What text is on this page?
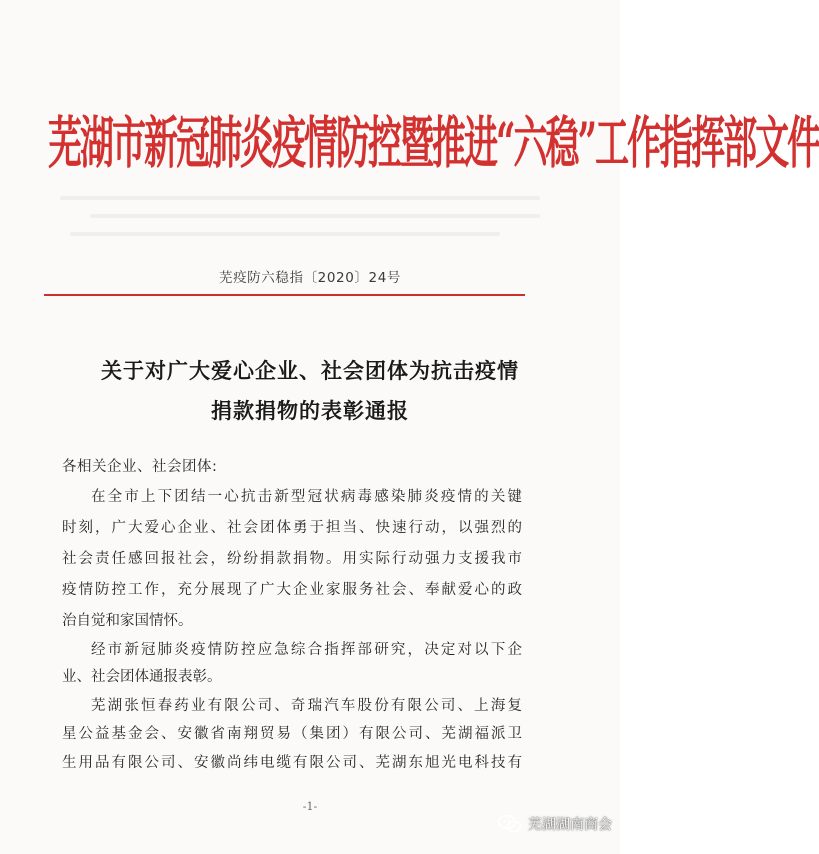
芜湖市新冠肺炎疫情防控暨推进“六稳”工作指挥部文件
芜疫防六稳指〔2020〕24号
关于对广大爱心企业、社会团体为抗击疫情
捐款捐物的表彰通报
各相关企业、社会团体:
在全市上下团结一心抗击新型冠状病毒感染肺炎疫情的关键
时刻，广大爱心企业、社会团体勇于担当、快速行动，以强烈的
社会责任感回报社会，纷纷捐款捐物。用实际行动强力支援我市
疫情防控工作，充分展现了广大企业家服务社会、奉献爱心的政
治自觉和家国情怀。
经市新冠肺炎疫情防控应急综合指挥部研究，决定对以下企
业、社会团体通报表彰。
芜湖张恒春药业有限公司、奇瑞汽车股份有限公司、上海复
星公益基金会、安徽省南翔贸易（集团）有限公司、芜湖福派卫
生用品有限公司、安徽尚纬电缆有限公司、芜湖东旭光电科技有
-1-
芜湖湖南商会
